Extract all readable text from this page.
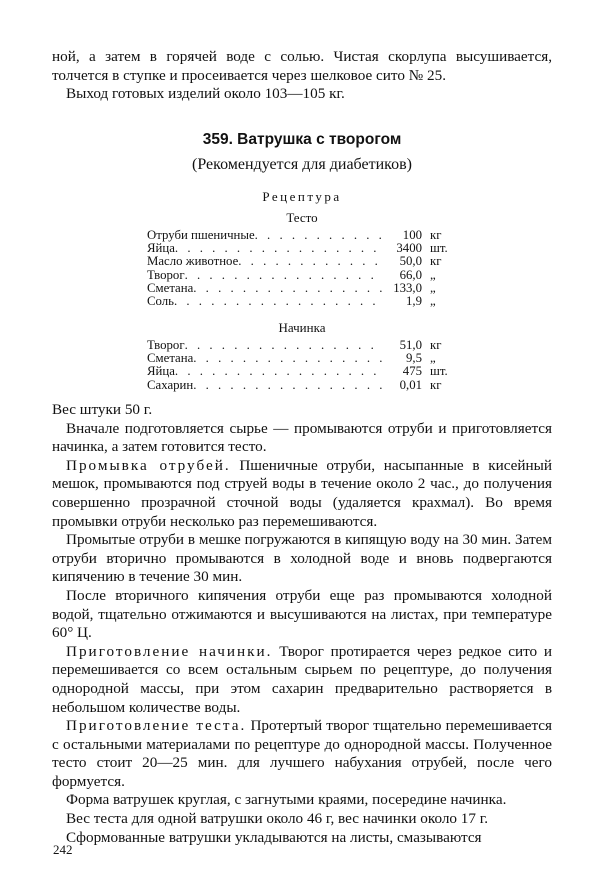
ной, а затем в горячей воде с солью. Чистая скорлупа высушивается, толчется в ступке и просеивается через шелковое сито № 25.

Выход готовых изделий около 103—105 кг.

359. Ватрушка с творогом
(Рекомендуется для диабетиков)
Рецептура
Тесто
Отруби пшеничные . . .	100 кг
Яйца . . .	3400 шт.
Масло животное . . .	50,0 кг
Творог . . .	66,0 „
Сметана . . .	133,0 „
Соль . . .	1,9 „
Начинка
Творог . . .	51,0 кг
Сметана . . .	9,5 „
Яйца . . .	475 шт.
Сахарин . . .	0,01 кг

Вес штуки 50 г.

Вначале подготовляется сырье — промываются отруби и приготовляется начинка, а затем готовится тесто.

Промывка отрубей. Пшеничные отруби, насыпанные в кисейный мешок, промываются под струей воды в течение около 2 час., до получения совершенно прозрачной сточной воды (удаляется крахмал). Во время промывки отруби несколько раз перемешиваются.

Промытые отруби в мешке погружаются в кипящую воду на 30 мин. Затем отруби вторично промываются в холодной воде и вновь подвергаются кипячению в течение 30 мин.

После вторичного кипячения отруби еще раз промываются холодной водой, тщательно отжимаются и высушиваются на листах, при температуре 60° Ц.

Приготовление начинки. Творог протирается через редкое сито и перемешивается со всем остальным сырьем по рецептуре, до получения однородной массы, при этом сахарин предварительно растворяется в небольшом количестве воды.

Приготовление теста. Протертый творог тщательно перемешивается с остальными материалами по рецептуре до однородной массы. Полученное тесто стоит 20—25 мин. для лучшего набухания отрубей, после чего формуется.

Форма ватрушек круглая, с загнутыми краями, посередине начинка.

Вес теста для одной ватрушки около 46 г, вес начинки около 17 г.

Сформованные ватрушки укладываются на листы, смазываются

242
